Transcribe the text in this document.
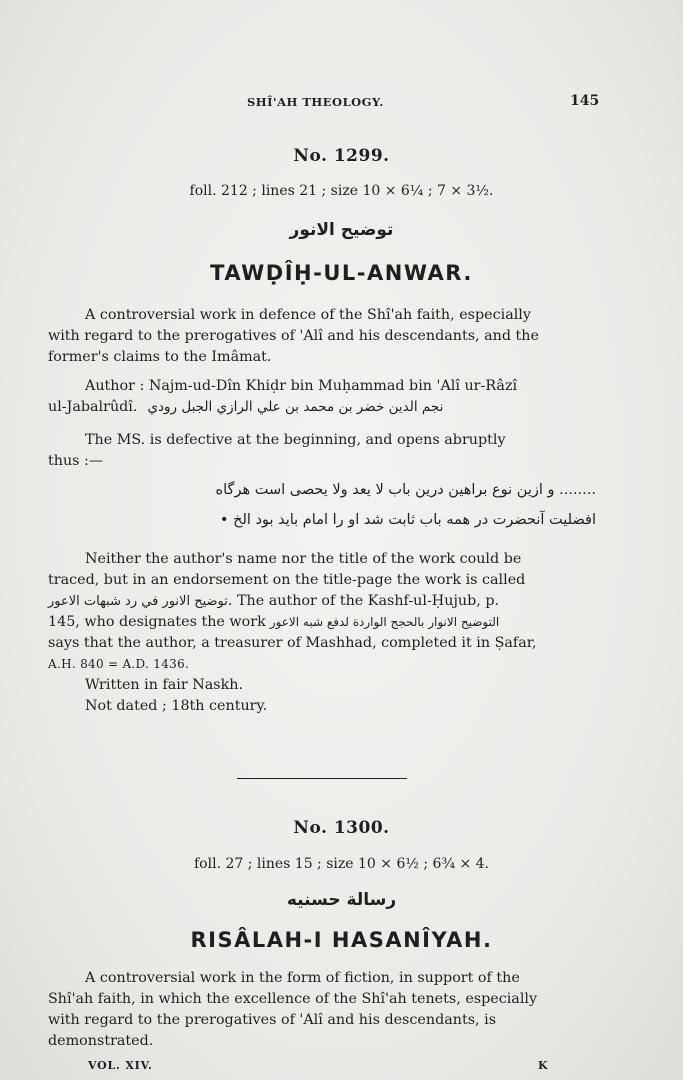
SHÎ'AH THEOLOGY.	145
No. 1299.
foll. 212 ; lines 21 ; size 10 × 6¼ ; 7 × 3½.
توضيح الانور
TAWḌÎḤ-UL-ANWAR.
A controversial work in defence of the Shî'ah faith, especially
with regard to the prerogatives of 'Alî and his descendants, and the
former's claims to the Imâmat.
Author : Najm-ud-Dîn Khiḍr bin Muḥammad bin 'Alî ur-Râzî
ul-Jabalrûdî. نجم الدين خضر بن محمد بن علي الرازي الجبل رودي
The MS. is defective at the beginning, and opens abruptly
thus :—
........ و ازين نوع براهين درين باب لا يعد ولا يحصى است هرگاه
افضليت آنحضرت در همه باب ثابت شد او را امام بايد بود الخ •
Neither the author's name nor the title of the work could be
traced, but in an endorsement on the title-page the work is called
توضيح الانور في رد شبهات الاعور . The author of the Kashf-ul-Ḥujub, p.
145, who designates the work التوضيح الانوار بالحجج الواردة لدفع شبه الاعور
says that the author, a treasurer of Mashhad, completed it in Ṣafar,
A.H. 840 = A.D. 1436.
Written in fair Naskh.
Not dated ; 18th century.
No. 1300.
foll. 27 ; lines 15 ; size 10 × 6½ ; 6¾ × 4.
رسالة حسنيه
RISÂLAH-I HASANÎYAH.
A controversial work in the form of fiction, in support of the
Shî'ah faith, in which the excellence of the Shî'ah tenets, especially
with regard to the prerogatives of 'Alî and his descendants, is
demonstrated.
VOL. XIV.	K
